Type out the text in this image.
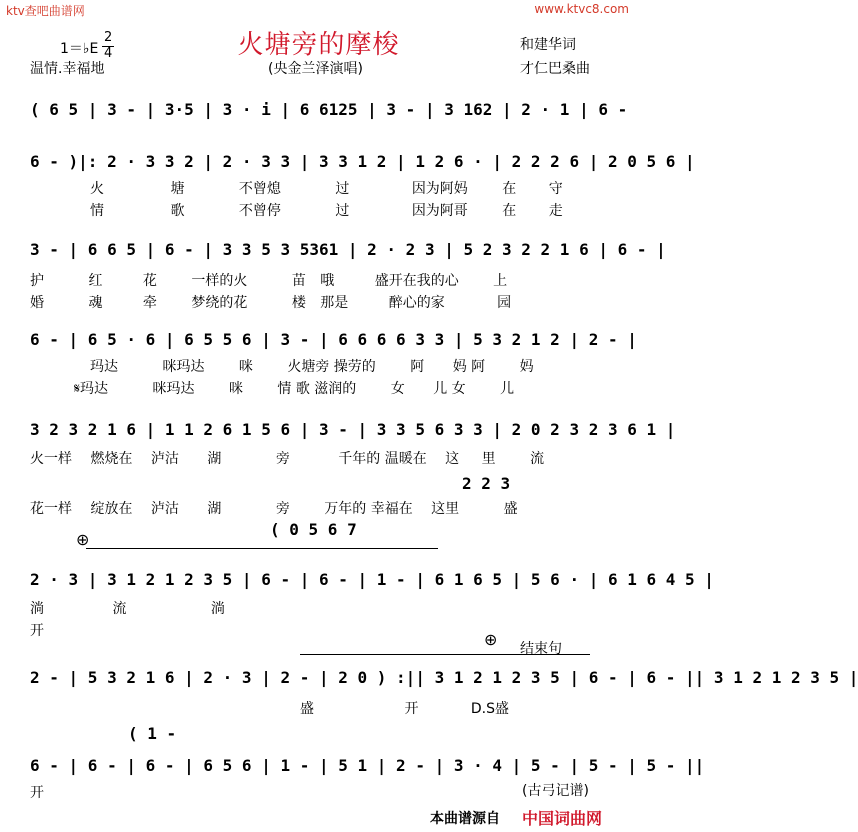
ktv查吧曲谱网	www.ktvc8.com
火塘旁的摩梭
1＝♭E
2
4
温情.幸福地	(央金兰泽演唱)
和建华词
才仁巴桑曲
( 6 5 | 3 - | 3·5 | 3 · i | 6 6125 | 3 - | 3 162 | 2 · 1 | 6 -
6 - )|: 2 · 3 3 2 | 2 · 3 3 | 3 3 1 2 | 1 2 6 · | 2 2 2 6 | 2 0 5 6 |
火	塘	不曾熄	过	因为阿妈 在 守
情	歌	不曾停	过	因为阿哥 在 走
3 - | 6 6 5 | 6 - | 3 3 5 3 5361 | 2 · 2 3 | 5 2 3 2 2 1 6 | 6 - |
护	红	花 一样的火	苗 哦	盛开在我的心 上
婚	魂	牵 梦绕的花	楼 那是	醉心的家	园
6 - | 6 5 · 6 | 6 5 5 6 | 3 - | 6 6 6 6 3 3 | 5 3 2 1 2 | 2 - |
玛达	咪玛达 咪 火塘旁 操劳的 阿 妈 阿 妈
𝄋玛达	咪玛达 咪 情 歌 滋润的 女 儿 女 儿
3 2 3 2 1 6 | 1 1 2 6 1 5 6 | 3 - | 3 3 5 6 3 3 | 2 0 2 3 2 3 6 1 |
火一样 燃烧在 泸沽 湖	旁	千年的 温暖在 这 里 流
2 2 3
花一样 绽放在 泸沽 湖	旁 万年的 幸福在 这里	盛
( 0 5 6 7
⊕
2 · 3 | 3 1 2 1 2 3 5 | 6 - | 6 - | 1 - | 6 1 6 5 | 5 6 · | 6 1 6 4 5 |
淌	流	淌
开	⊕ 结束句
2 - | 5 3 2 1 6 | 2 · 3 | 2 - | 2 0 ) :|| 3 1 2 1 2 3 5 | 6 - | 6 - || 3 1 2 1 2 3 5 |
盛	开	D.S盛
( 1 -
6 - | 6 - | 6 - | 6 5 6 | 1 - | 5 1 | 2 - | 3 · 4 | 5 - | 5 - | 5 - ||
开	(古弓记谱)
本曲谱源自 中国词曲网
